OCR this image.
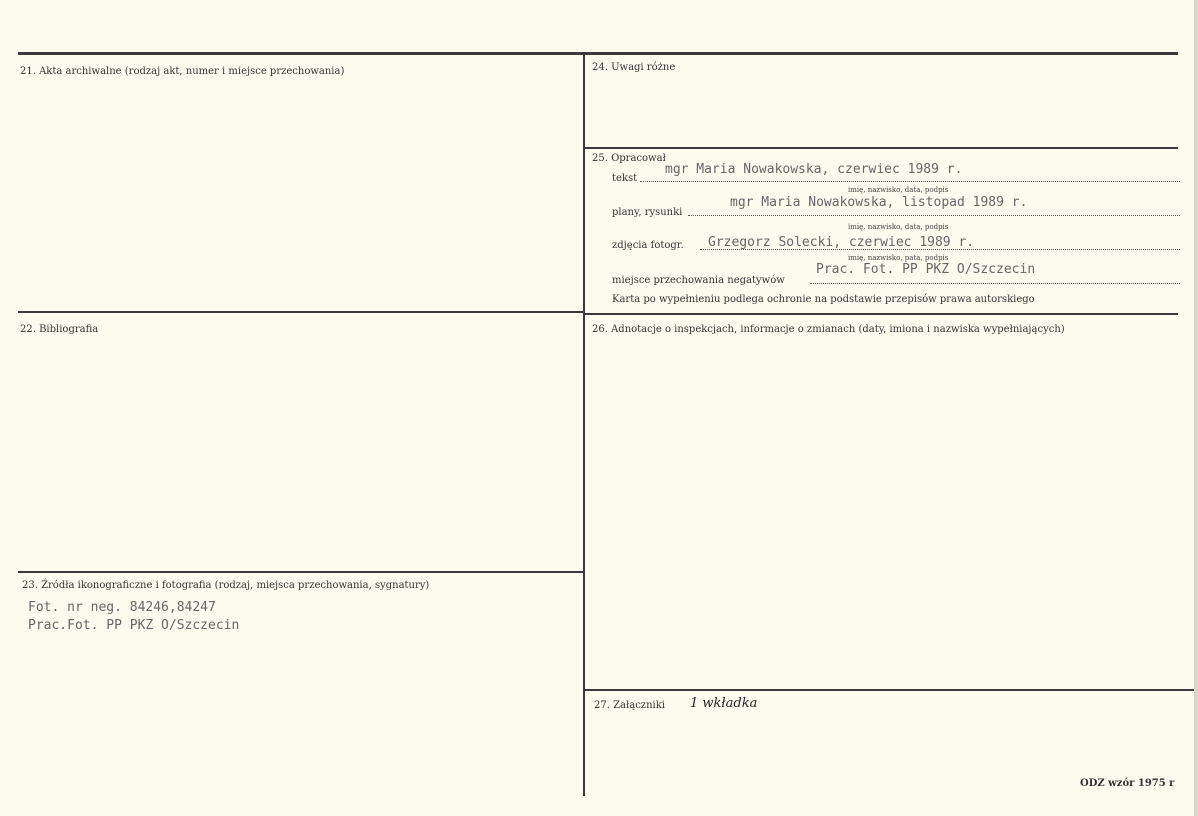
21. Akta archiwalne (rodzaj akt, numer i miejsce przechowania)
22. Bibliografia
23. Źródła ikonograficzne i fotografia (rodzaj, miejsca przechowania, sygnatury)
Fot. nr neg. 84246,84247
Prac.Fot. PP PKZ O/Szczecin
24. Uwagi różne
25. Opracował
tekst
mgr Maria Nowakowska, czerwiec 1989 r.
imię, nazwisko, data, podpis
plany, rysunki
mgr Maria Nowakowska, listopad 1989 r.
imię, nazwisko, data, podpis
zdjęcia fotogr. Grzegorz Solecki, czerwiec 1989 r.
imię, nazwisko, pata, podpis
miejsce przechowania negatywów
Prac. Fot. PP PKZ O/Szczecin
Karta po wypełnieniu podlega ochronie na podstawie przepisów prawa autorskiego
26. Adnotacje o inspekcjach, informacje o zmianach (daty, imiona i nazwiska wypełniających)
27. Załączniki 1 wkładka
ODZ wzór 1975 r
